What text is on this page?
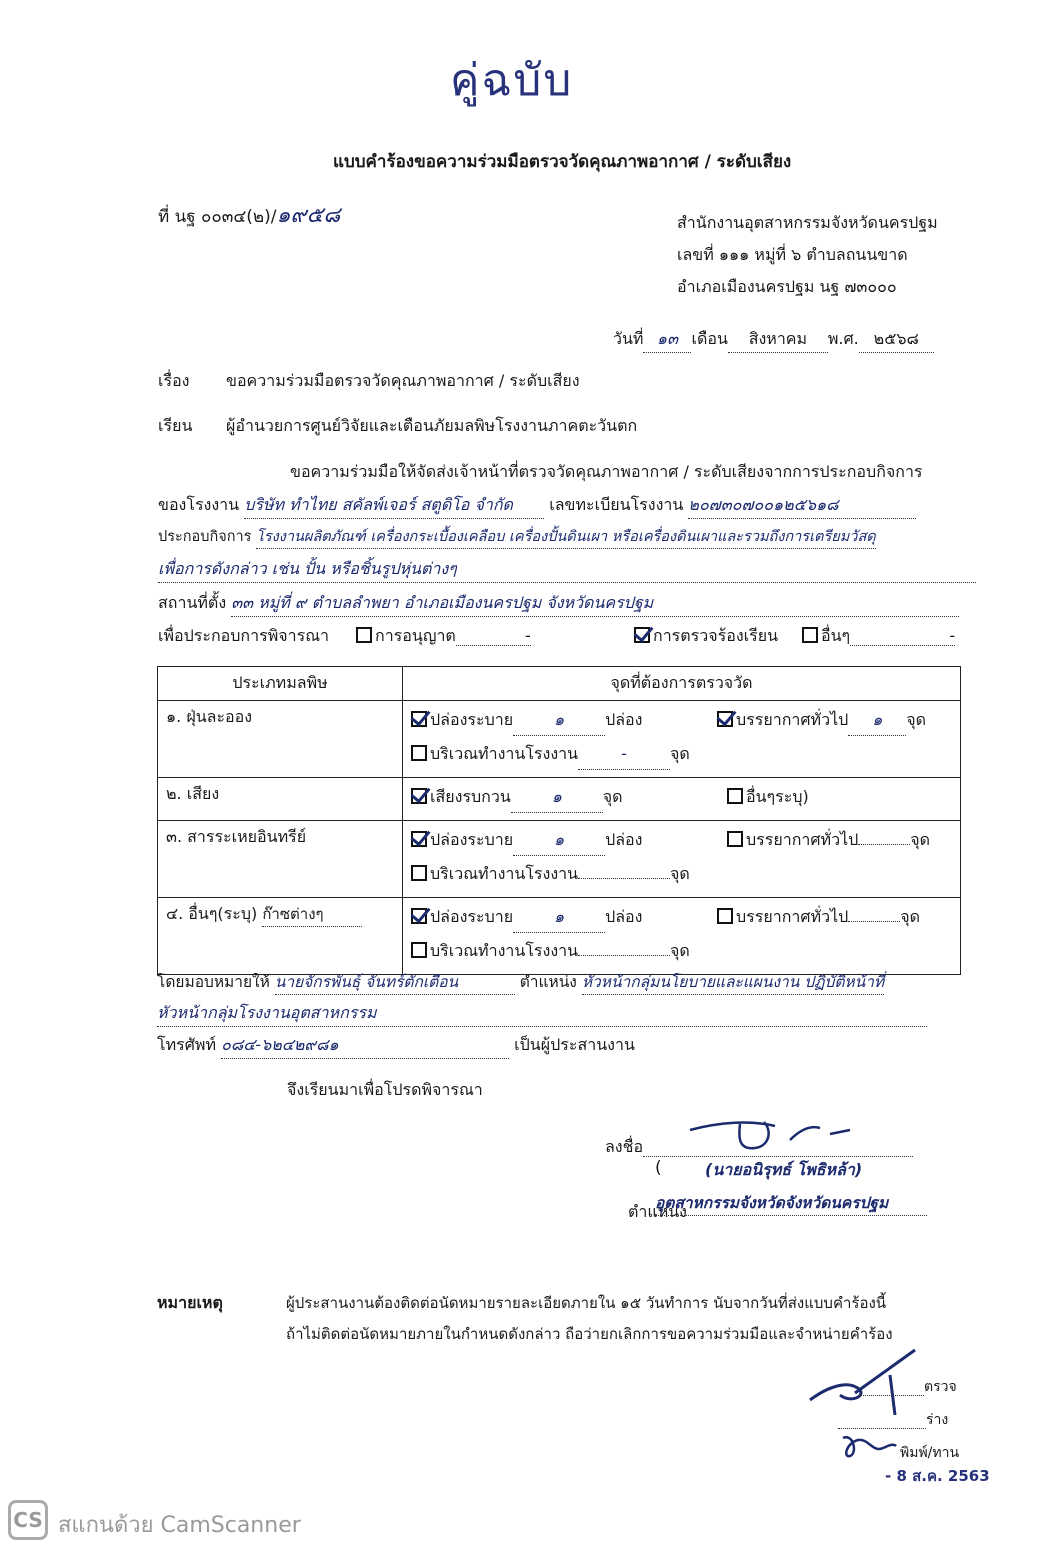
คู่ฉบับ
แบบคำร้องขอความร่วมมือตรวจวัดคุณภาพอากาศ / ระดับเสียง
ที่ นฐ ๐๐๓๔(๒)/๑๙๕๘	สำนักงานอุตสาหกรรมจังหวัดนครปฐม
เลขที่ ๑๑๑ หมู่ที่ ๖ ตำบลถนนขาด
อำเภอเมืองนครปฐม นฐ ๗๓๐๐๐
วันที่ ๑๓ เดือน สิงหาคม พ.ศ. ๒๕๖๘
เรื่อง ขอความร่วมมือตรวจวัดคุณภาพอากาศ / ระดับเสียง
เรียน ผู้อำนวยการศูนย์วิจัยและเตือนภัยมลพิษโรงงานภาคตะวันตก
ขอความร่วมมือให้จัดส่งเจ้าหน้าที่ตรวจวัดคุณภาพอากาศ / ระดับเสียงจากการประกอบกิจการ
ของโรงงาน บริษัท ทำไทย สคัลพ์เจอร์ สตูดิโอ จำกัด เลขทะเบียนโรงงาน ๒๐๗๓๐๗๐๐๑๒๕๖๑๘
ประกอบกิจการ โรงงานผลิตภัณฑ์ เครื่องกระเบื้องเคลือบ เครื่องปั้นดินเผา หรือเครื่องดินเผาและรวมถึงการเตรียมวัสดุ
เพื่อการดังกล่าว เช่น ปั้น หรือชิ้นรูปหุ่นต่างๆ
สถานที่ตั้ง ๓๓ หมู่ที่ ๙ ตำบลลำพยา อำเภอเมืองนครปฐม จังหวัดนครปฐม
เพื่อประกอบการพิจารณา	การอนุญาต	-	การตรวจร้องเรียน	อื่นๆ	-
ประเภทมลพิษ	จุดที่ต้องการตรวจวัด
๑. ฝุ่นละออง	ปล่องระบาย ๑ ปล่อง บรรยากาศทั่วไป ๑ จุด
บริเวณทำงานโรงงาน - จุด

๒. เสียง	เสียงรบกวน ๑ จุด อื่นๆระบุ)

๓. สารระเหยอินทรีย์	ปล่องระบาย ๑ ปล่อง บรรยากาศทั่วไป จุด
บริเวณทำงานโรงงาน จุด

๔. อื่นๆ(ระบุ) ก๊าซต่างๆ	ปล่องระบาย ๑ ปล่อง บรรยากาศทั่วไป จุด
บริเวณทำงานโรงงาน จุด
โดยมอบหมายให้ นายจักรพันธุ์ จันทร์ตักเตือน	ตำแหน่ง หัวหน้ากลุ่มนโยบายและแผนงาน ปฏิบัติหน้าที่
หัวหน้ากลุ่มโรงงานอุตสาหกรรม
โทรศัพท์ ๐๘๔-๖๒๔๒๙๘๑	เป็นผู้ประสานงาน
จึงเรียนมาเพื่อโปรดพิจารณา
ลงชื่อ
(นายอนิรุทธ์ โพธิหล้า)
(
ตำแหน่ง
อุตสาหกรรมจังหวัดจังหวัดนครปฐม
หมายเหตุ	ผู้ประสานงานต้องติดต่อนัดหมายรายละเอียดภายใน ๑๕ วันทำการ นับจากวันที่ส่งแบบคำร้องนี้
ถ้าไม่ติดต่อนัดหมายภายในกำหนดดังกล่าว ถือว่ายกเลิกการขอความร่วมมือและจำหน่ายคำร้อง
ตรวจ
ร่าง
พิมพ์/ทาน
- 8 ส.ค. 2563
CS สแกนด้วย CamScanner
